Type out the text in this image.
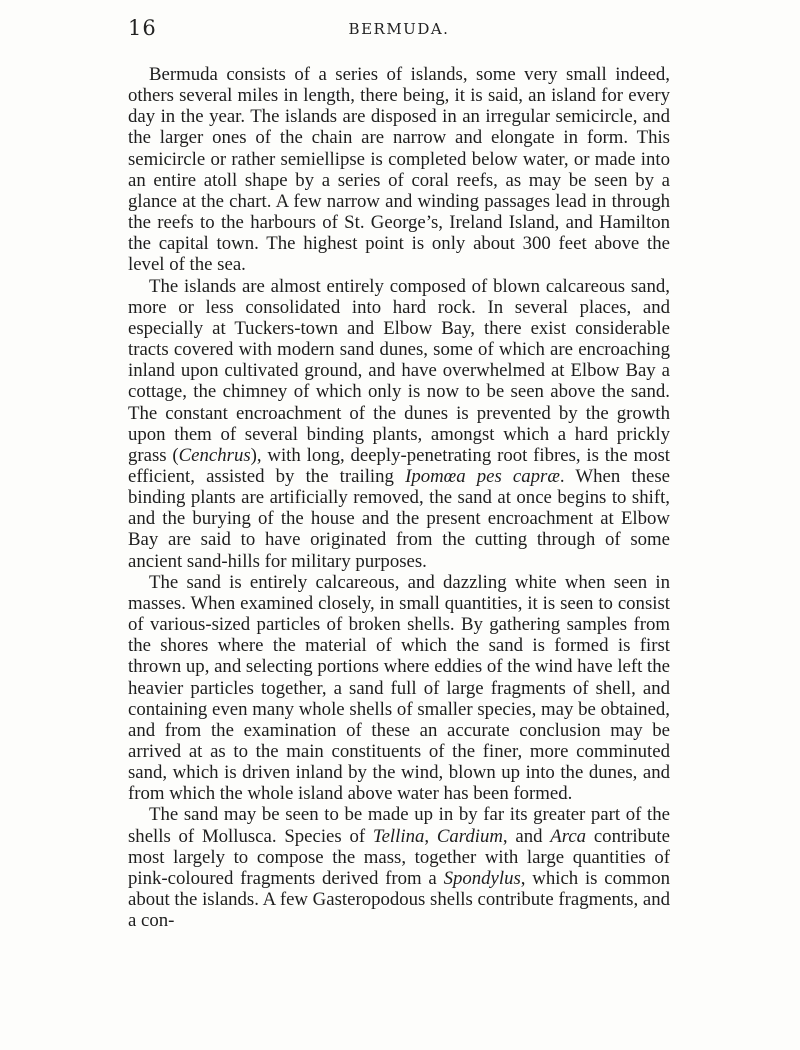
16	BERMUDA.

Bermuda consists of a series of islands, some very small indeed, others several miles in length, there being, it is said, an island for every day in the year. The islands are disposed in an irregular semicircle, and the larger ones of the chain are narrow and elongate in form. This semicircle or rather semiellipse is completed below water, or made into an entire atoll shape by a series of coral reefs, as may be seen by a glance at the chart. A few narrow and winding passages lead in through the reefs to the harbours of St. George’s, Ireland Island, and Hamilton the capital town. The highest point is only about 300 feet above the level of the sea.

The islands are almost entirely composed of blown calcareous sand, more or less consolidated into hard rock. In several places, and especially at Tuckers-town and Elbow Bay, there exist considerable tracts covered with modern sand dunes, some of which are encroaching inland upon cultivated ground, and have overwhelmed at Elbow Bay a cottage, the chimney of which only is now to be seen above the sand. The constant encroachment of the dunes is prevented by the growth upon them of several binding plants, amongst which a hard prickly grass (Cenchrus), with long, deeply-penetrating root fibres, is the most efficient, assisted by the trailing Ipomœa pes capræ. When these binding plants are artificially removed, the sand at once begins to shift, and the burying of the house and the present encroachment at Elbow Bay are said to have originated from the cutting through of some ancient sand-hills for military purposes.

The sand is entirely calcareous, and dazzling white when seen in masses. When examined closely, in small quantities, it is seen to consist of various-sized particles of broken shells. By gathering samples from the shores where the material of which the sand is formed is first thrown up, and selecting portions where eddies of the wind have left the heavier particles together, a sand full of large fragments of shell, and containing even many whole shells of smaller species, may be obtained, and from the examination of these an accurate conclusion may be arrived at as to the main constituents of the finer, more comminuted sand, which is driven inland by the wind, blown up into the dunes, and from which the whole island above water has been formed.

The sand may be seen to be made up in by far its greater part of the shells of Mollusca. Species of Tellina, Cardium, and Arca contribute most largely to compose the mass, together with large quantities of pink-coloured fragments derived from a Spondylus, which is common about the islands. A few Gasteropodous shells contribute fragments, and a con-
